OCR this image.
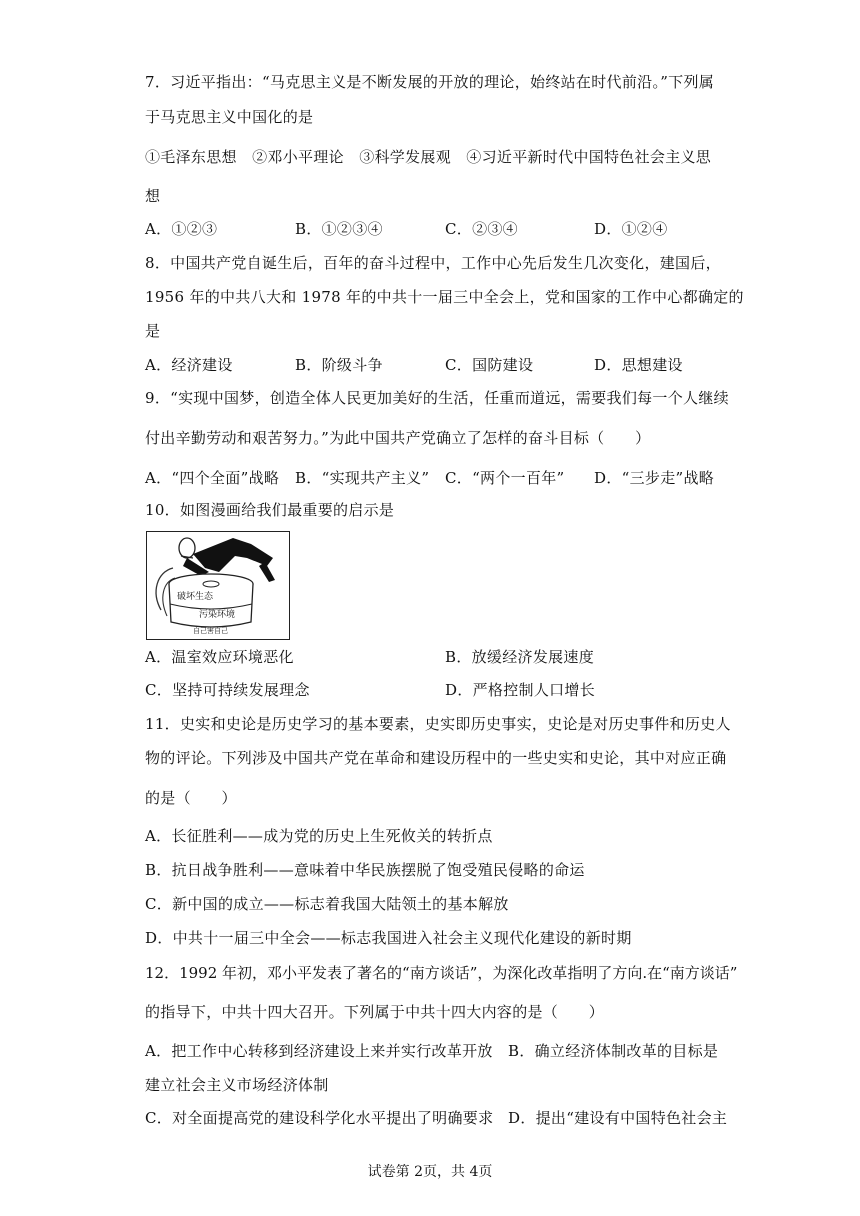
7．习近平指出：“马克思主义是不断发展的开放的理论，始终站在时代前沿。”下列属
于马克思主义中国化的是
①毛泽东思想　②邓小平理论　③科学发展观　④习近平新时代中国特色社会主义思
想
A．①②③	B．①②③④	C．②③④	D．①②④
8．中国共产党自诞生后，百年的奋斗过程中，工作中心先后发生几次变化，建国后，
1956 年的中共八大和 1978 年的中共十一届三中全会上，党和国家的工作中心都确定的
是
A．经济建设	B．阶级斗争	C．国防建设	D．思想建设
9．“实现中国梦，创造全体人民更加美好的生活，任重而道远，需要我们每一个人继续
付出辛勤劳动和艰苦努力。”为此中国共产党确立了怎样的奋斗目标（　　）
A．“四个全面”战略 B．“实现共产主义” C．“两个一百年” D．“三步走”战略
10．如图漫画给我们最重要的启示是
破坏生态
污染环境
自己害自己
A．温室效应环境恶化	B．放缓经济发展速度
C．坚持可持续发展理念	D．严格控制人口增长
11．史实和史论是历史学习的基本要素，史实即历史事实，史论是对历史事件和历史人
物的评论。下列涉及中国共产党在革命和建设历程中的一些史实和史论，其中对应正确
的是（　　）
A．长征胜利——成为党的历史上生死攸关的转折点
B．抗日战争胜利——意味着中华民族摆脱了饱受殖民侵略的命运
C．新中国的成立——标志着我国大陆领土的基本解放
D．中共十一届三中全会——标志我国进入社会主义现代化建设的新时期
12．1992 年初，邓小平发表了著名的“南方谈话”，为深化改革指明了方向.在“南方谈话”
的指导下，中共十四大召开。下列属于中共十四大内容的是（　　）
A．把工作中心转移到经济建设上来并实行改革开放 B．确立经济体制改革的目标是
建立社会主义市场经济体制
C．对全面提高党的建设科学化水平提出了明确要求 D．提出“建设有中国特色社会主
试卷第 2页，共 4页
